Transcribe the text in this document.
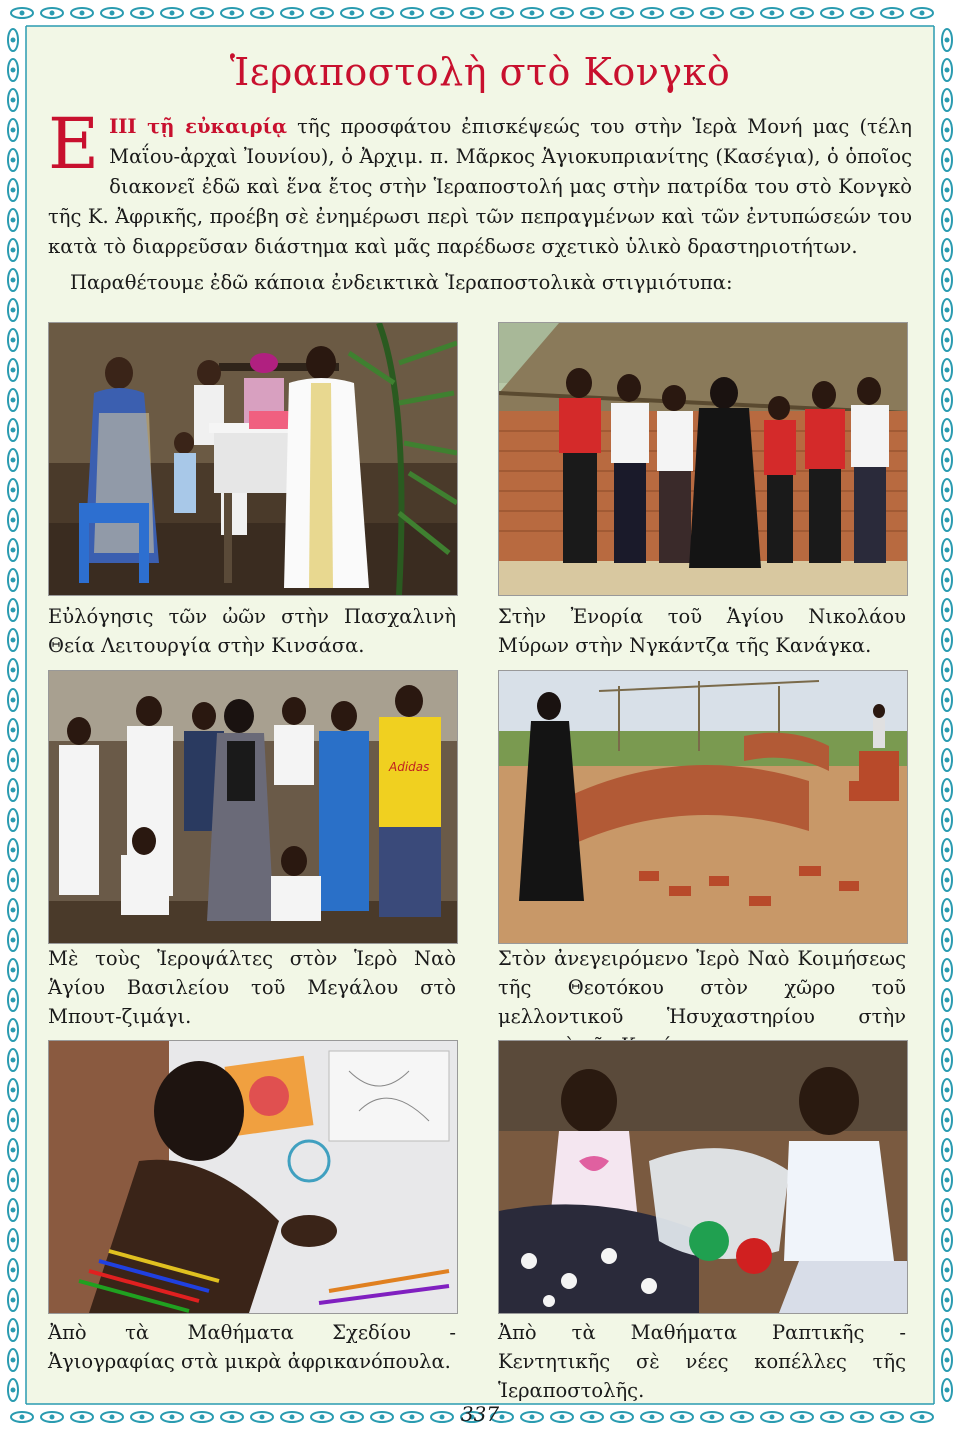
Ἱεραποστολὴ στὸ Κονγκὸ

Ε ΙΙΙ τῇ εὐκαιρίᾳ τῆς προσφάτου ἐπισκέψεώς του στὴν Ἱερὰ Μονή μας (τέλη Μαΐου-ἀρχαὶ Ἰουνίου), ὁ Ἀρχιμ. π. Μᾶρκος Ἁγιοκυπριανίτης (Κασέγια), ὁ ὁποῖος διακονεῖ ἐδῶ καὶ ἕνα ἔτος στὴν Ἱεραποστολή μας στὴν πατρίδα του στὸ Κονγκὸ τῆς Κ. Ἀφρικῆς, προέβη σὲ ἐνημέρωσι περὶ τῶν πεπραγμένων καὶ τῶν ἐντυπώσεών του κατὰ τὸ διαρρεῦσαν διάστημα καὶ μᾶς παρέδωσε σχετικὸ ὑλικὸ δραστηριοτήτων.

Παραθέτουμε ἐδῶ κάποια ἐνδεικτικὰ Ἱεραποστολικὰ στιγμιότυπα:

Εὐλόγησις τῶν ὠῶν στὴν Πασχαλινὴ Θεία Λειτουργία στὴν Κινσάσα.
Στὴν Ἐνορία τοῦ Ἁγίου Νικολάου Μύρων στὴν Νγκάντζα τῆς Κανάγκα.
Adidas
Μὲ τοὺς Ἱεροψάλτες στὸν Ἱερὸ Ναὸ Ἁγίου Βασιλείου τοῦ Μεγάλου στὸ Μπουτ-ζιμάγι.
Στὸν ἀνεγειρόμενο Ἱερὸ Ναὸ Κοιμήσεως τῆς Θεοτόκου στὸν χῶρο τοῦ μελλοντικοῦ Ἡσυχαστηρίου στὴν
Ἀπὸ τὰ Μαθήματα Σχεδίου - Ἁγιογραφίας στὰ μικρὰ ἀφρικανόπουλα.
Ἀπὸ τὰ Μαθήματα Ραπτικῆς - Κεντητικῆς σὲ νέες κοπέλλες τῆς Ἱεραποστολῆς.
337
